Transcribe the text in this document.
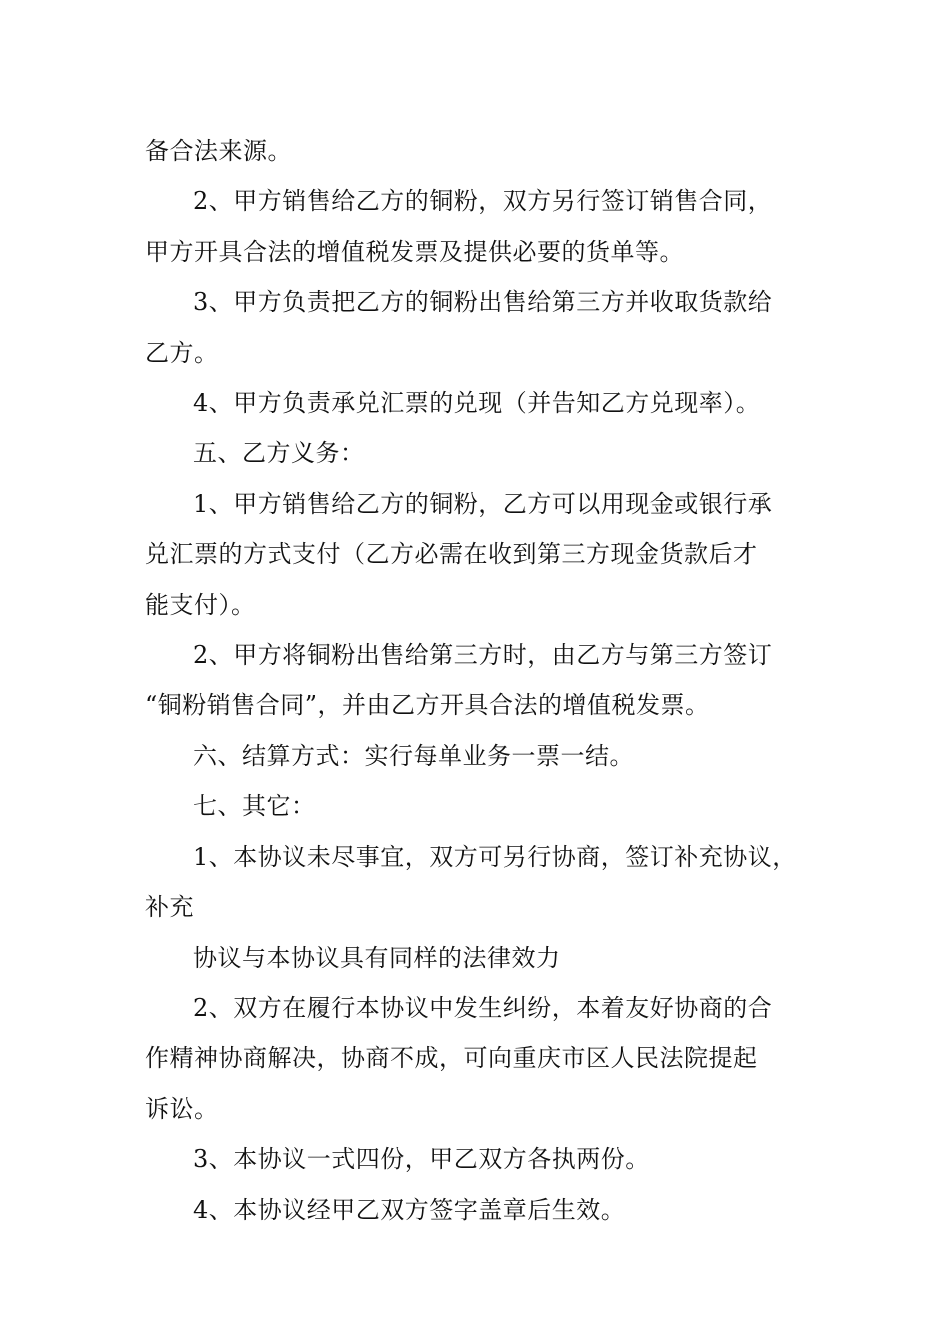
备合法来源。
2、甲方销售给乙方的铜粉，双方另行签订销售合同，
甲方开具合法的增值税发票及提供必要的货单等。
3、甲方负责把乙方的铜粉出售给第三方并收取货款给
乙方。
4、甲方负责承兑汇票的兑现（并告知乙方兑现率）。
五、乙方义务：
1、甲方销售给乙方的铜粉，乙方可以用现金或银行承
兑汇票的方式支付（乙方必需在收到第三方现金货款后才
能支付）。
2、甲方将铜粉出售给第三方时，由乙方与第三方签订
“铜粉销售合同”，并由乙方开具合法的增值税发票。
六、结算方式：实行每单业务一票一结。
七、其它：
1、本协议未尽事宜，双方可另行协商，签订补充协议，
补充
协议与本协议具有同样的法律效力
2、双方在履行本协议中发生纠纷，本着友好协商的合
作精神协商解决，协商不成，可向重庆市区人民法院提起
诉讼。
3、本协议一式四份，甲乙双方各执两份。
4、本协议经甲乙双方签字盖章后生效。
